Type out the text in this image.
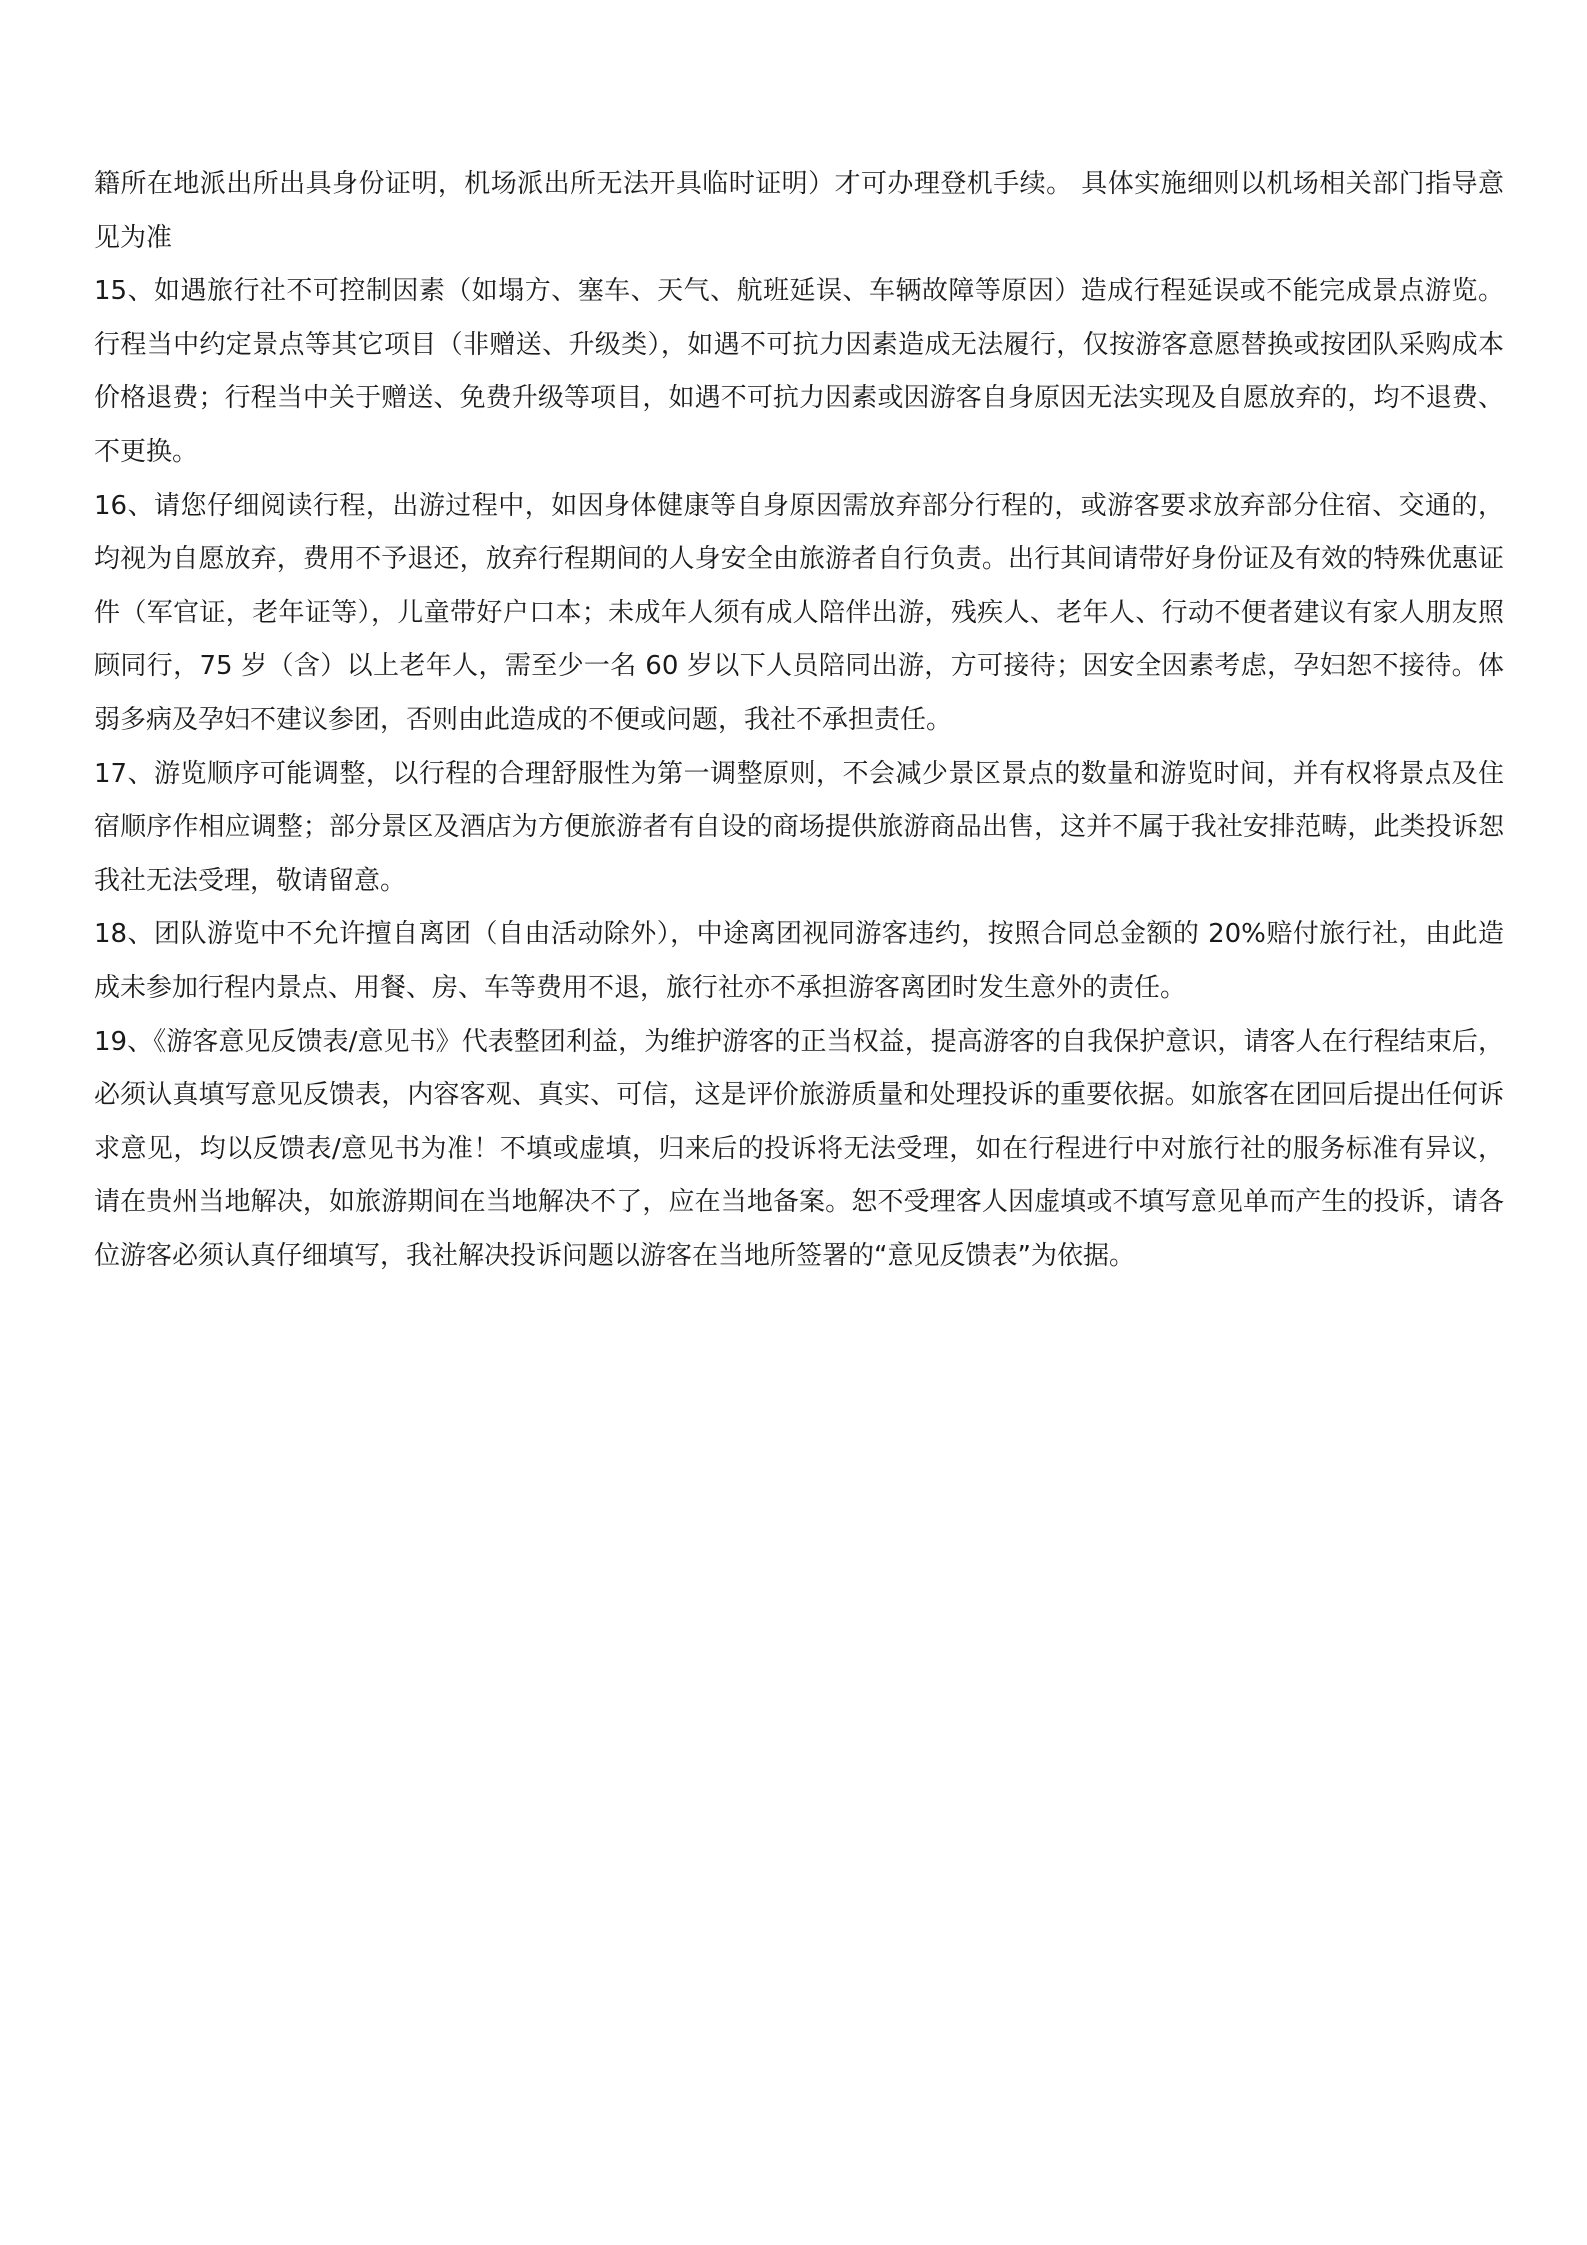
籍所在地派出所出具身份证明，机场派出所无法开具临时证明）才可办理登机手续。 具体实施细则以机场相关部门指导意见为准

15、如遇旅行社不可控制因素（如塌方、塞车、天气、航班延误、车辆故障等原因）造成行程延误或不能完成景点游览。行程当中约定景点等其它项目（非赠送、升级类），如遇不可抗力因素造成无法履行，仅按游客意愿替换或按团队采购成本价格退费；行程当中关于赠送、免费升级等项目，如遇不可抗力因素或因游客自身原因无法实现及自愿放弃的，均不退费、不更换。

16、请您仔细阅读行程，出游过程中，如因身体健康等自身原因需放弃部分行程的，或游客要求放弃部分住宿、交通的，均视为自愿放弃，费用不予退还，放弃行程期间的人身安全由旅游者自行负责。出行其间请带好身份证及有效的特殊优惠证件（军官证，老年证等），儿童带好户口本；未成年人须有成人陪伴出游，残疾人、老年人、行动不便者建议有家人朋友照顾同行，75 岁（含）以上老年人，需至少一名 60 岁以下人员陪同出游，方可接待；因安全因素考虑，孕妇恕不接待。体弱多病及孕妇不建议参团，否则由此造成的不便或问题，我社不承担责任。

17、游览顺序可能调整，以行程的合理舒服性为第一调整原则，不会减少景区景点的数量和游览时间，并有权将景点及住宿顺序作相应调整；部分景区及酒店为方便旅游者有自设的商场提供旅游商品出售，这并不属于我社安排范畴，此类投诉恕我社无法受理，敬请留意。

18、团队游览中不允许擅自离团（自由活动除外），中途离团视同游客违约，按照合同总金额的 20%赔付旅行社，由此造成未参加行程内景点、用餐、房、车等费用不退，旅行社亦不承担游客离团时发生意外的责任。

19、《游客意见反馈表/意见书》代表整团利益，为维护游客的正当权益，提高游客的自我保护意识，请客人在行程结束后，必须认真填写意见反馈表，内容客观、真实、可信，这是评价旅游质量和处理投诉的重要依据。如旅客在团回后提出任何诉求意见，均以反馈表/意见书为准！不填或虚填，归来后的投诉将无法受理，如在行程进行中对旅行社的服务标准有异议，请在贵州当地解决，如旅游期间在当地解决不了，应在当地备案。恕不受理客人因虚填或不填写意见单而产生的投诉，请各位游客必须认真仔细填写，我社解决投诉问题以游客在当地所签署的“意见反馈表”为依据。
